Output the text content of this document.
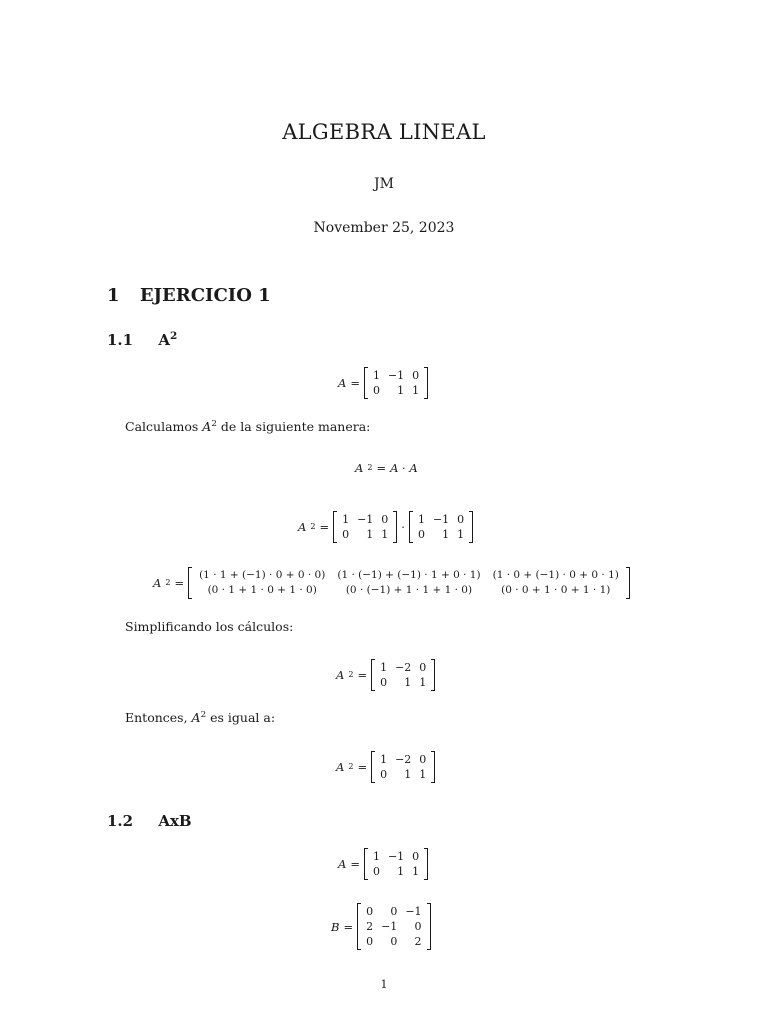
ALGEBRA LINEAL
JM
November 25, 2023
1 EJERCICIO 1
1.1 $A^2$
A =
1	−1	0
0	1	1
Calculamos $A^2$ de la siguiente manera:
A 2 = A · A
A 2 =
1	−1	0
0	1	1
·
1	−1	0
0	1	1
A 2 =
(1 · 1 + (−1) · 0 + 0 · 0)	(1 · (−1) + (−1) · 1 + 0 · 1)	(1 · 0 + (−1) · 0 + 0 · 1)
(0 · 1 + 1 · 0 + 1 · 0)	(0 · (−1) + 1 · 1 + 1 · 0)	(0 · 0 + 1 · 0 + 1 · 1)
Simplificando los cálculos:
A 2 =
1	−2	0
0	1	1
Entonces, $A^2$ es igual a:
A 2 =
1	−2	0
0	1	1
1.2 AxB
A =
1	−1	0
0	1	1
B =
0	0	−1
2	−1	0
0	0	2
1
